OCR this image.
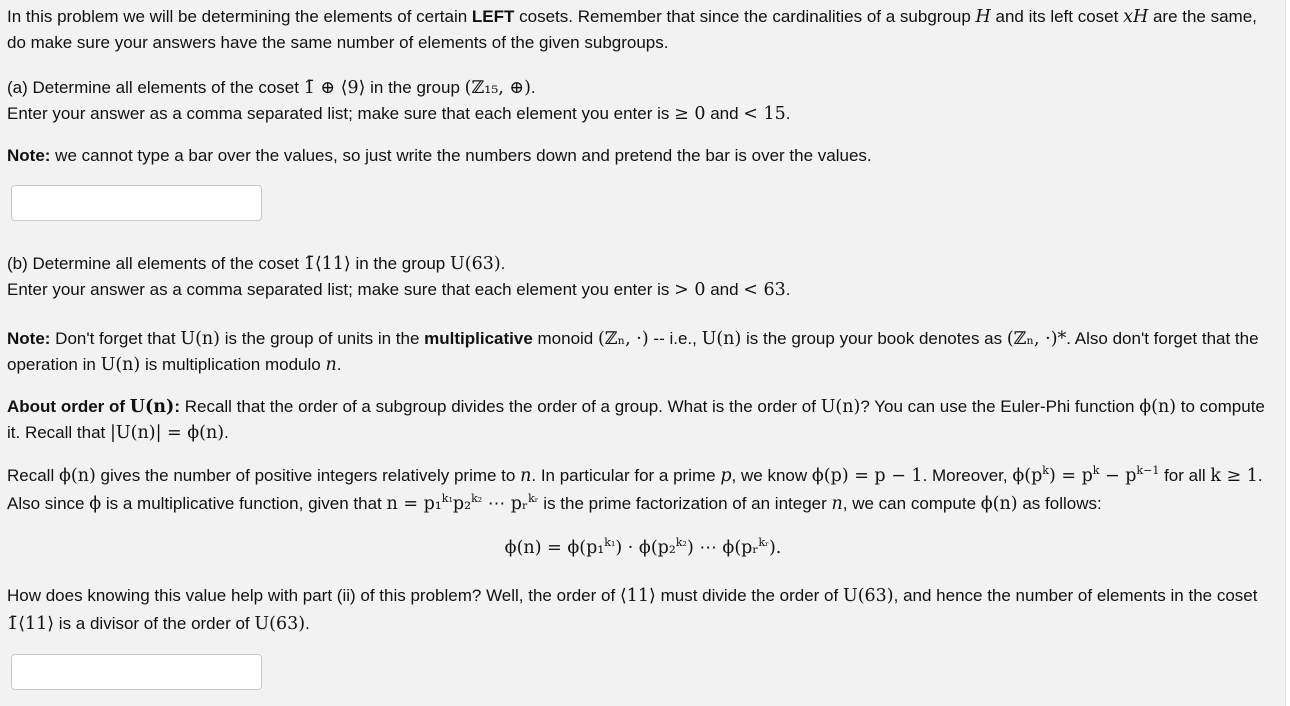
In this problem we will be determining the elements of certain LEFT cosets. Remember that since the cardinalities of a subgroup H and its left coset xH are the same, do make sure your answers have the same number of elements of the given subgroups.

(a) Determine all elements of the coset 1̄ ⊕ ⟨9⟩ in the group (ℤ₁₅, ⊕).
Enter your answer as a comma separated list; make sure that each element you enter is ≥ 0 and < 15.

Note: we cannot type a bar over the values, so just write the numbers down and pretend the bar is over the values.

(b) Determine all elements of the coset 1̄⟨11⟩ in the group U(63).
Enter your answer as a comma separated list; make sure that each element you enter is > 0 and < 63.

Note: Don't forget that U(n) is the group of units in the multiplicative monoid (ℤₙ, ·) -- i.e., U(n) is the group your book denotes as (ℤₙ, ·)*. Also don't forget that the operation in U(n) is multiplication modulo n.

About order of U(n): Recall that the order of a subgroup divides the order of a group. What is the order of U(n)? You can use the Euler-Phi function ϕ(n) to compute it. Recall that |U(n)| = ϕ(n).

Recall ϕ(n) gives the number of positive integers relatively prime to n. In particular for a prime p, we know ϕ(p) = p − 1. Moreover, $\phi(p^k) = p^k - p^{k-1}$ for all k ≥ 1. Also since ϕ is a multiplicative function, given that n = p₁$^{k_1}$p₂$^{k_2}$ ⋯ pᵣ$^{kᵣ}$ is the prime factorization of an integer n, we can compute ϕ(n) as follows:

ϕ(n) = ϕ(p₁$^{k_1}$) · ϕ(p₂$^{k_2}$) ⋯ ϕ(pᵣ$^{kᵣ}$).

How does knowing this value help with part (ii) of this problem? Well, the order of ⟨11⟩ must divide the order of U(63), and hence the number of elements in the coset 1̄⟨11⟩ is a divisor of the order of U(63).
